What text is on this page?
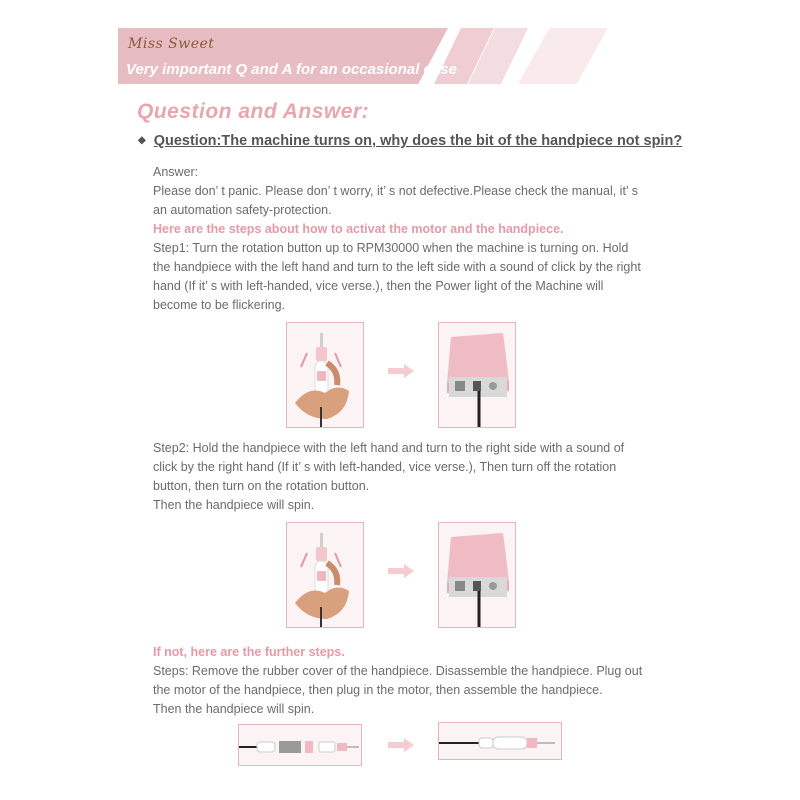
Miss Sweet
Very important Q and A for an occasional case
Question and Answer:
◆ Question:The machine turns on, why does the bit of the handpiece not spin?
Answer:
Please don’ t panic. Please don’ t worry, it’ s not defective.Please check the manual, it’ s an automation safety-protection.
Here are the steps about how to activat the motor and the handpiece.
Step1: Turn the rotation button up to RPM30000 when the machine is turning on. Hold the handpiece with the left hand and turn to the left side with a sound of click by the right hand (If it’ s with left-handed, vice verse.), then the Power light of the Machine will become to be flickering.
Step2: Hold the handpiece with the left hand and turn to the right side with a sound of click by the right hand (If it’ s with left-handed, vice verse.), Then turn off the rotation button, then turn on the rotation button.
Then the handpiece will spin.
If not, here are the further steps.
Steps: Remove the rubber cover of the handpiece. Disassemble the handpiece. Plug out the motor of the handpiece, then plug in the motor, then assemble the handpiece.
Then the handpiece will spin.
